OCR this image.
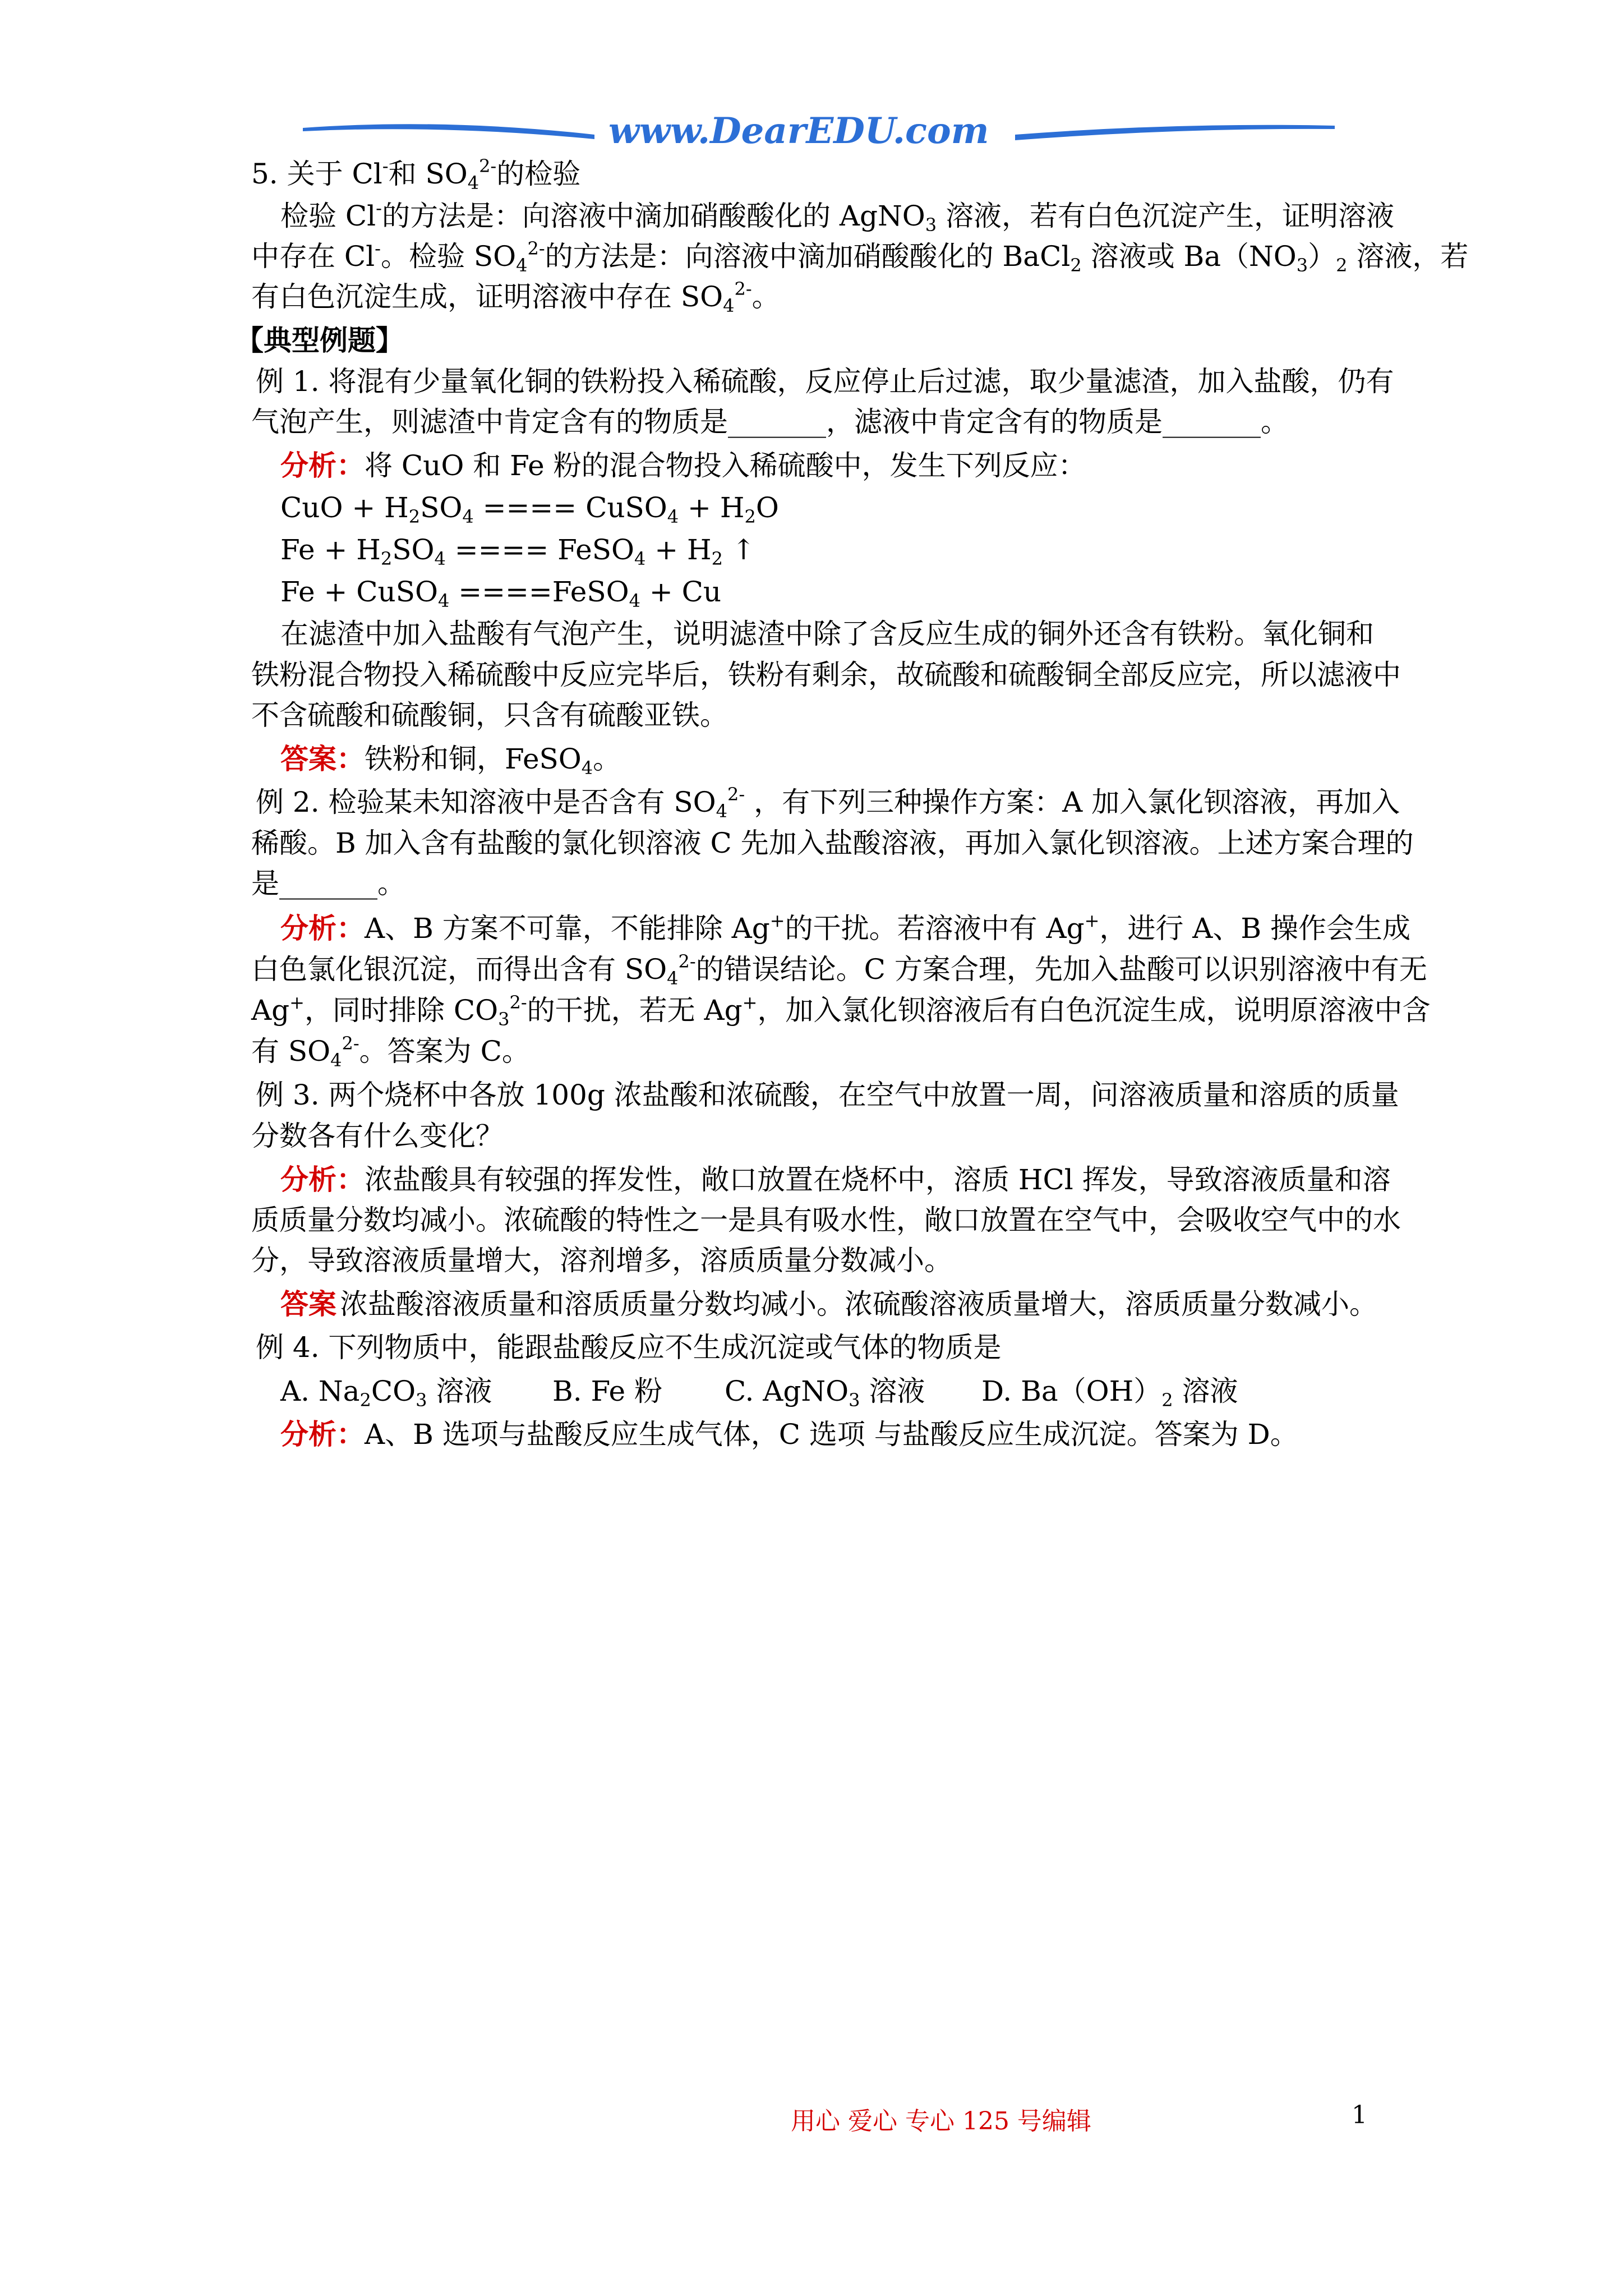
www.DearEDU.com
5. 关于 Cl-和 $SO_4^{2-}$的检验
检验 Cl-的方法是：向溶液中滴加硝酸酸化的 AgNO$_3$ 溶液，若有白色沉淀产生，证明溶液
中存在 Cl-。检验 $SO_4^{2-}$的方法是：向溶液中滴加硝酸酸化的 BaCl$_2$ 溶液或 $Ba(NO_3)_2$ 溶液，若
有白色沉淀生成，证明溶液中存在 $SO_4^{2-}$。
【典型例题】
例 1. 将混有少量氧化铜的铁粉投入稀硫酸，反应停止后过滤，取少量滤渣，加入盐酸，仍有
气泡产生，则滤渣中肯定含有的物质是_______，滤液中肯定含有的物质是_______。
分析：将 CuO 和 Fe 粉的混合物投入稀硫酸中，发生下列反应：
CuO + $H_2SO_4$ ==== CuSO$_4$ + $H_2O$
$Fe + H_2SO_4$ ==== FeSO$_4$ + $H_2$ ↑
Fe + CuSO$_4$ ====FeSO$_4$ + Cu
在滤渣中加入盐酸有气泡产生，说明滤渣中除了含反应生成的铜外还含有铁粉。氧化铜和
铁粉混合物投入稀硫酸中反应完毕后，铁粉有剩余，故硫酸和硫酸铜全部反应完，所以滤液中
不含硫酸和硫酸铜，只含有硫酸亚铁。
答案：铁粉和铜，FeSO$_4$。
例 2. 检验某未知溶液中是否含有 $SO_4^{2-}$ ，有下列三种操作方案：A 加入氯化钡溶液，再加入
稀酸。B 加入含有盐酸的氯化钡溶液 C 先加入盐酸溶液，再加入氯化钡溶液。上述方案合理的
是_______。
分析：A、B 方案不可靠，不能排除 Ag+的干扰。若溶液中有 Ag+，进行 A、B 操作会生成
白色氯化银沉淀，而得出含有 $SO_4^{2-}$的错误结论。C 方案合理，先加入盐酸可以识别溶液中有无
Ag+，同时排除 $CO_3^{2-}$的干扰，若无 Ag+，加入氯化钡溶液后有白色沉淀生成，说明原溶液中含
有 $SO_4^{2-}$。答案为 C。
例 3. 两个烧杯中各放 100g 浓盐酸和浓硫酸，在空气中放置一周，问溶液质量和溶质的质量
分数各有什么变化？
分析：浓盐酸具有较强的挥发性，敞口放置在烧杯中，溶质 HCl 挥发，导致溶液质量和溶
质质量分数均减小。浓硫酸的特性之一是具有吸水性，敞口放置在空气中，会吸收空气中的水
分，导致溶液质量增大，溶剂增多，溶质质量分数减小。
答案 浓盐酸溶液质量和溶质质量分数均减小。浓硫酸溶液质量增大，溶质质量分数减小。
例 4. 下列物质中，能跟盐酸反应不生成沉淀或气体的物质是
A. $Na_2CO_3$ 溶液 B. Fe 粉 C. AgNO$_3$ 溶液 D. $Ba(OH)_2$ 溶液
分析：A、B 选项与盐酸反应生成气体，C 选项 与盐酸反应生成沉淀。答案为 D。
用心 爱心 专心 125 号编辑	1
